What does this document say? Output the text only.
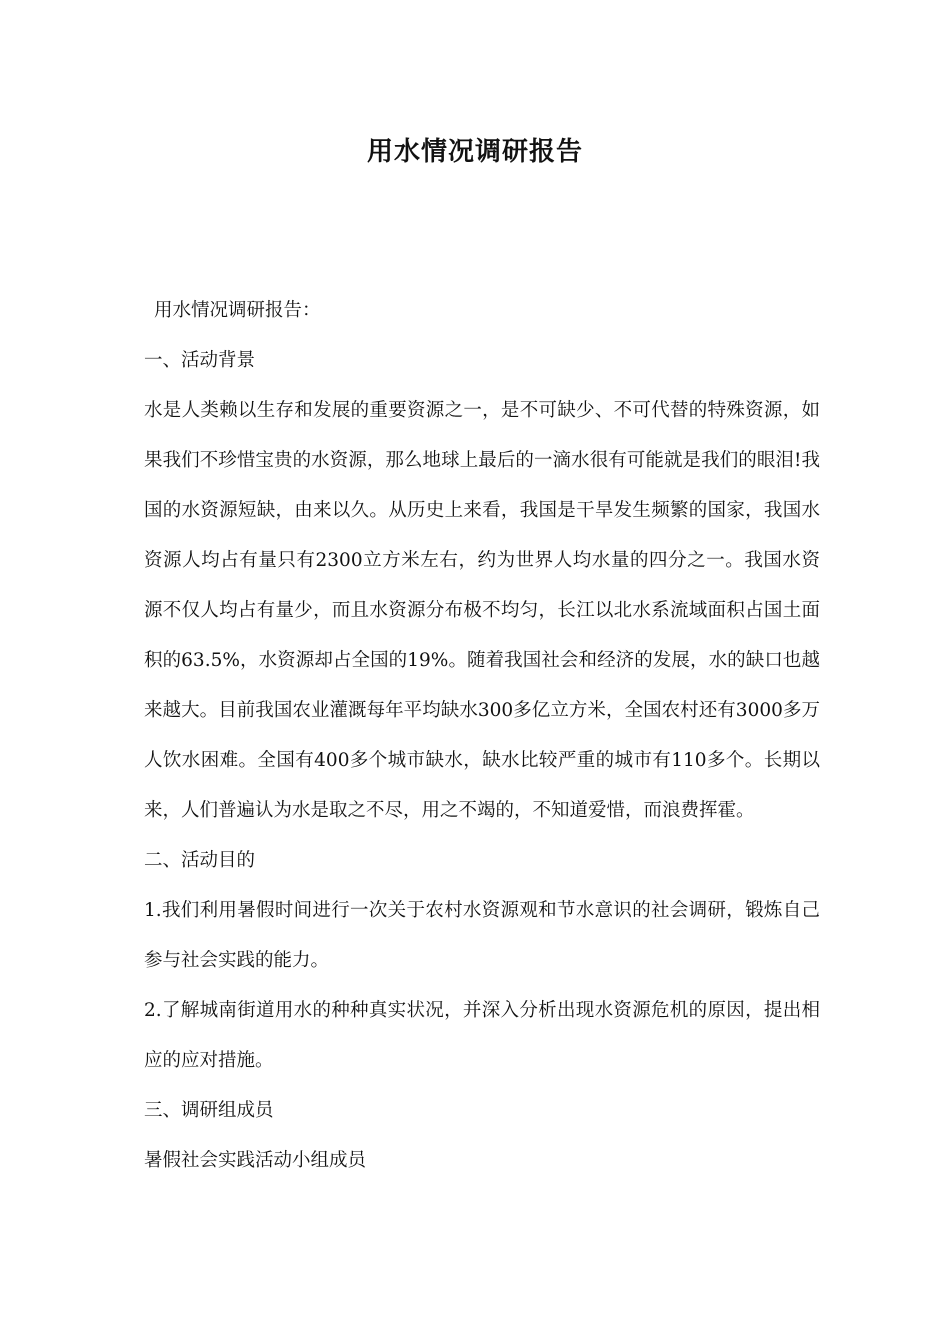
用水情况调研报告

用水情况调研报告：

一、活动背景

水是人类赖以生存和发展的重要资源之一，是不可缺少、不可代替的特殊资源，如果我们不珍惜宝贵的水资源，那么地球上最后的一滴水很有可能就是我们的眼泪!我国的水资源短缺，由来以久。从历史上来看，我国是干旱发生频繁的国家，我国水资源人均占有量只有2300立方米左右，约为世界人均水量的四分之一。我国水资源不仅人均占有量少，而且水资源分布极不均匀，长江以北水系流域面积占国土面积的63.5%，水资源却占全国的19%。随着我国社会和经济的发展，水的缺口也越来越大。目前我国农业灌溉每年平均缺水300多亿立方米，全国农村还有3000多万人饮水困难。全国有400多个城市缺水，缺水比较严重的城市有110多个。长期以来，人们普遍认为水是取之不尽，用之不竭的，不知道爱惜，而浪费挥霍。

二、活动目的

1.我们利用暑假时间进行一次关于农村水资源观和节水意识的社会调研，锻炼自己参与社会实践的能力。

2.了解城南街道用水的种种真实状况，并深入分析出现水资源危机的原因，提出相应的应对措施。

三、调研组成员

暑假社会实践活动小组成员
